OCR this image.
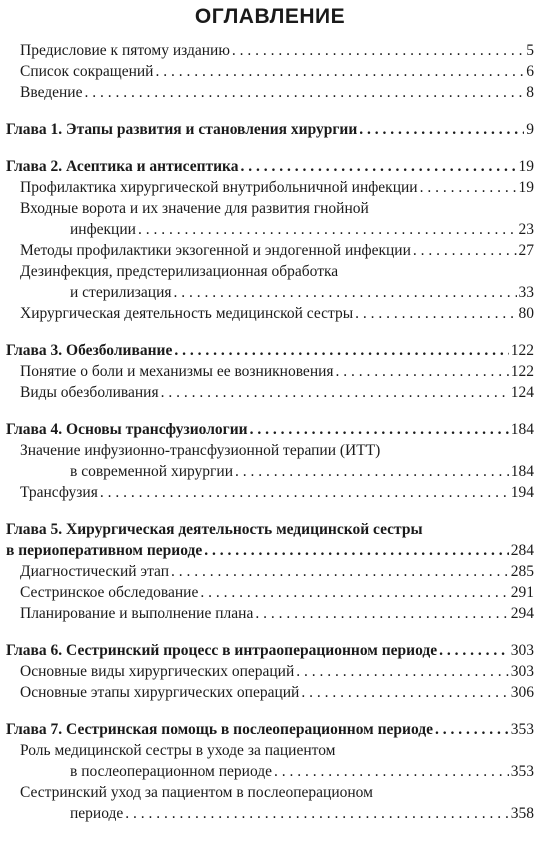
ОГЛАВЛЕНИЕ
Предисловие к пятому изданию . . .	5
Список сокращений . . .	6
Введение . . .	8
Глава 1. Этапы развития и становления хирургии . . .	9
Глава 2. Асептика и антисептика . . .	19
Профилактика хирургической внутрибольничной инфекции . . .	19
Входные ворота и их значение для развития гнойной
инфекции . . .	23
Методы профилактики экзогенной и эндогенной инфекции . . .	27
Дезинфекция, предстерилизационная обработка
и стерилизация . . .	33
Хирургическая деятельность медицинской сестры . . .	80
Глава 3. Обезболивание . . .	122
Понятие о боли и механизмы ее возникновения . . .	122
Виды обезболивания . . .	124
Глава 4. Основы трансфузиологии . . .	184
Значение инфузионно-трансфузионной терапии (ИТТ)
в современной хирургии . . .	184
Трансфузия . . .	194
Глава 5. Хирургическая деятельность медицинской сестры
в периоперативном периоде . . .	284
Диагностический этап . . .	285
Сестринское обследование . . .	291
Планирование и выполнение плана . . .	294
Глава 6. Сестринский процесс в интраоперационном периоде . . .	303
Основные виды хирургических операций . . .	303
Основные этапы хирургических операций . . .	306
Глава 7. Сестринская помощь в послеоперационном периоде . . .	353
Роль медицинской сестры в уходе за пациентом
в послеоперационном периоде . . .	353
Сестринский уход за пациентом в послеоперационом
периоде . . .	358
